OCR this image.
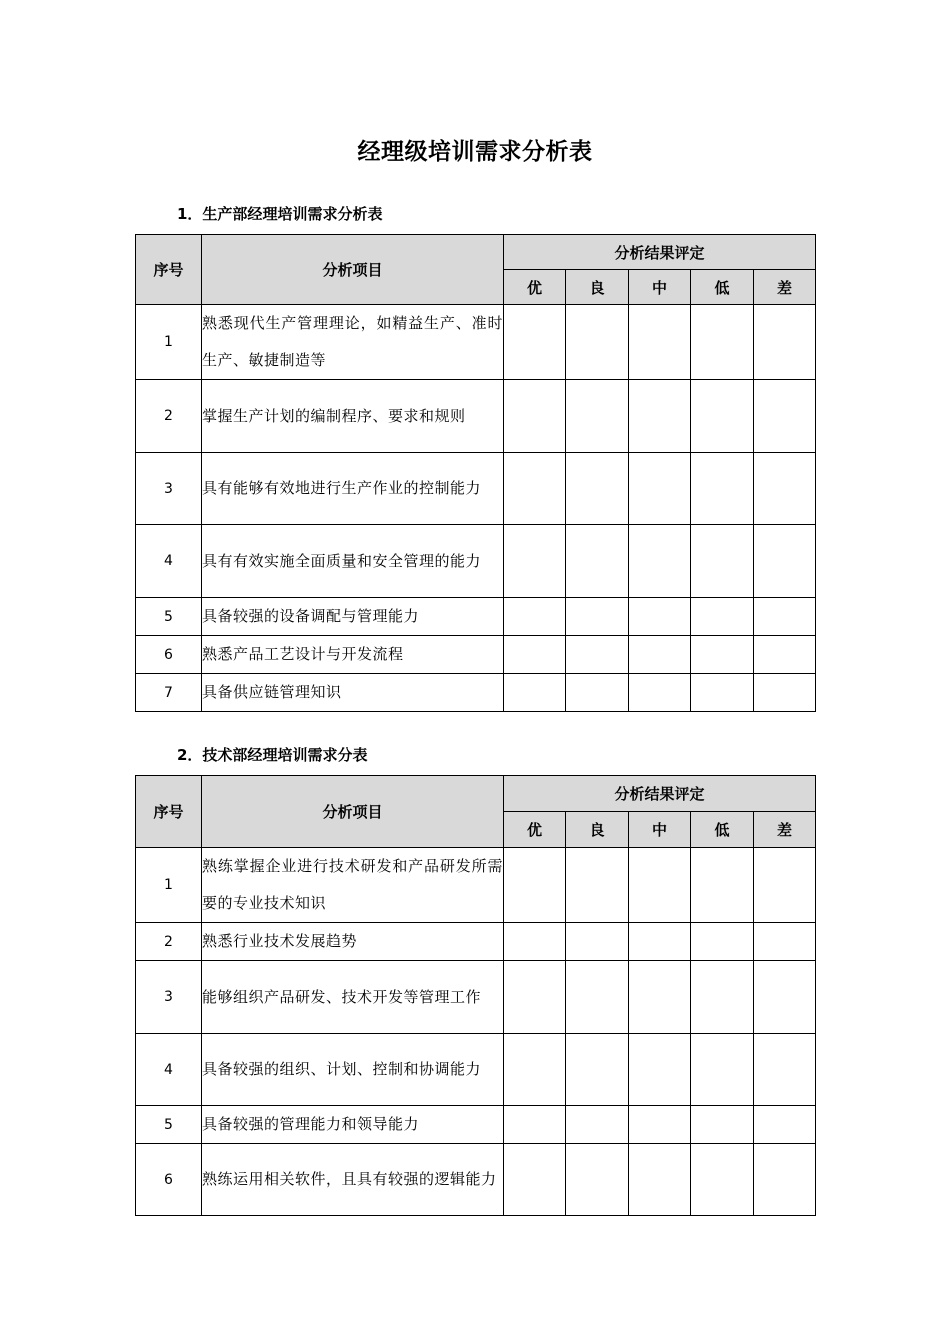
经理级培训需求分析表
1．生产部经理培训需求分析表
序号	分析项目	分析结果评定				
		优	良	中	低	差
1	熟悉现代生产管理理论，如精益生产、准时生产、敏捷制造等					
2	掌握生产计划的编制程序、要求和规则					
3	具有能够有效地进行生产作业的控制能力					
4	具有有效实施全面质量和安全管理的能力					
5	具备较强的设备调配与管理能力					
6	熟悉产品工艺设计与开发流程					
7	具备供应链管理知识					
2．技术部经理培训需求分表
序号	分析项目	分析结果评定				
		优	良	中	低	差
1	熟练掌握企业进行技术研发和产品研发所需要的专业技术知识					
2	熟悉行业技术发展趋势					
3	能够组织产品研发、技术开发等管理工作					
4	具备较强的组织、计划、控制和协调能力					
5	具备较强的管理能力和领导能力					
6	熟练运用相关软件，且具有较强的逻辑能力					
